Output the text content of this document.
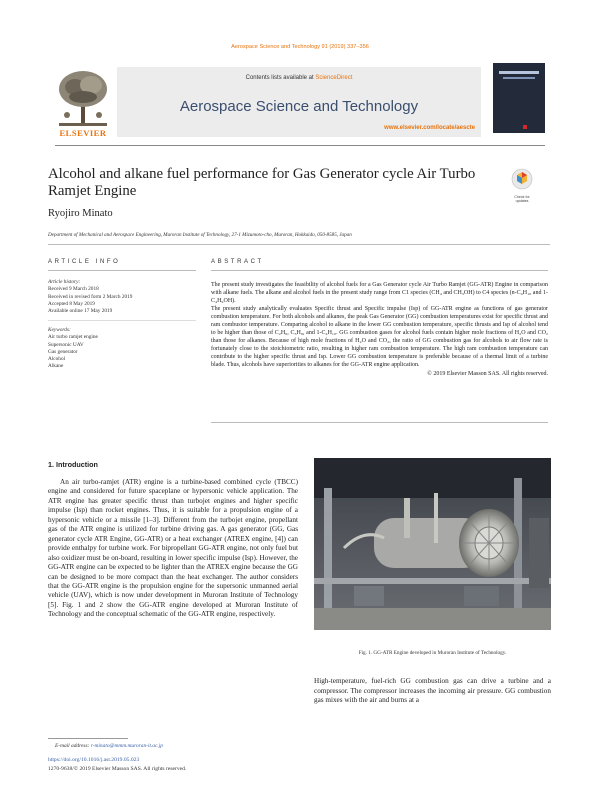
Aerospace Science and Technology 91 (2019) 337–356
ELSEVIER
Contents lists available at ScienceDirect
Aerospace Science and Technology
www.elsevier.com/locate/aescte
Alcohol and alkane fuel performance for Gas Generator cycle Air Turbo Ramjet Engine	Check for updates
Ryojiro Minato
Department of Mechanical and Aerospace Engineering, Muroran Institute of Technology, 27-1 Mizumoto-cho, Muroran, Hokkaido, 050-8585, Japan
ARTICLE INFO
Article history:
Received 9 March 2018
Received in revised form 2 March 2019
Accepted 8 May 2019
Available online 17 May 2019
Keywords:
Air turbo ramjet engine
Supersonic UAV
Gas generator
Alcohol
Alkane
ABSTRACT

The present study investigates the feasibility of alcohol fuels for a Gas Generator cycle Air Turbo Ramjet (GG-ATR) Engine in comparison with alkane fuels. The alkane and alcohol fuels in the present study range from C1 species (CH₄ and CH₃OH) to C4 species (n-C₄H₁₀ and 1-C₄H₉OH).

The present study analytically evaluates Specific thrust and Specific impulse (Isp) of GG-ATR engine as functions of gas generator combustion temperature. For both alcohols and alkanes, the peak Gas Generator (GG) combustion temperatures exist for specific thrust and ram combustor temperature. Comparing alcohol to alkane in the lower GG combustion temperature, specific thrusts and Isp of alcohol tend to be higher than those of C₂H₆, C₃H₈, and 1-C₄H₁₀. GG combustion gases for alcohol fuels contain higher mole fractions of H₂O and CO₂ than those for alkanes. Because of high mole fractions of H₂O and CO₂, the ratio of GG combustion gas for alcohols to air flow rate is fortunately close to the stoichiometric ratio, resulting in higher ram combustion temperature. The high ram combustion temperature can contribute to the higher specific thrust and Isp. Lower GG combustion temperature is preferable because of a thermal limit of a turbine blade. Thus, alcohols have superiorities to alkanes for the GG-ATR engine application.

© 2019 Elsevier Masson SAS. All rights reserved.

1. Introduction

An air turbo-ramjet (ATR) engine is a turbine-based combined cycle (TBCC) engine and considered for future spaceplane or hypersonic vehicle application. The ATR engine has greater specific thrust than turbojet engines and higher specific impulse (Isp) than rocket engines. Thus, it is suitable for a propulsion engine of a hypersonic vehicle or a missile [1–3]. Different from the turbojet engine, propellant gas of the ATR engine is utilized for turbine driving gas. A gas generator (GG, Gas generator cycle ATR Engine, GG-ATR) or a heat exchanger (ATREX engine, [4]) can provide enthalpy for turbine work. For bipropellant GG-ATR engine, not only fuel but also oxidizer must be on-board, resulting in lower specific impulse (Isp). However, the GG-ATR engine can be expected to be lighter than the ATREX engine because the GG can be designed to be more compact than the heat exchanger. The author considers that the GG-ATR engine is the propulsion engine for the supersonic unmanned aerial vehicle (UAV), which is now under development in Muroran Institute of Technology [5]. Fig. 1 and 2 show the GG-ATR engine developed at Muroran Institute of Technology and the conceptual schematic of the GG-ATR engine, respectively.

Fig. 1. GG-ATR Engine developed in Muroran Institute of Technology.
High-temperature, fuel-rich GG combustion gas can drive a turbine and a compressor. The compressor increases the incoming air pressure. GG combustion gas mixes with the air and burns at a
E-mail address: r-minato@mmm.muroran-it.ac.jp
https://doi.org/10.1016/j.ast.2019.05.023
1270-9638/© 2019 Elsevier Masson SAS. All rights reserved.
